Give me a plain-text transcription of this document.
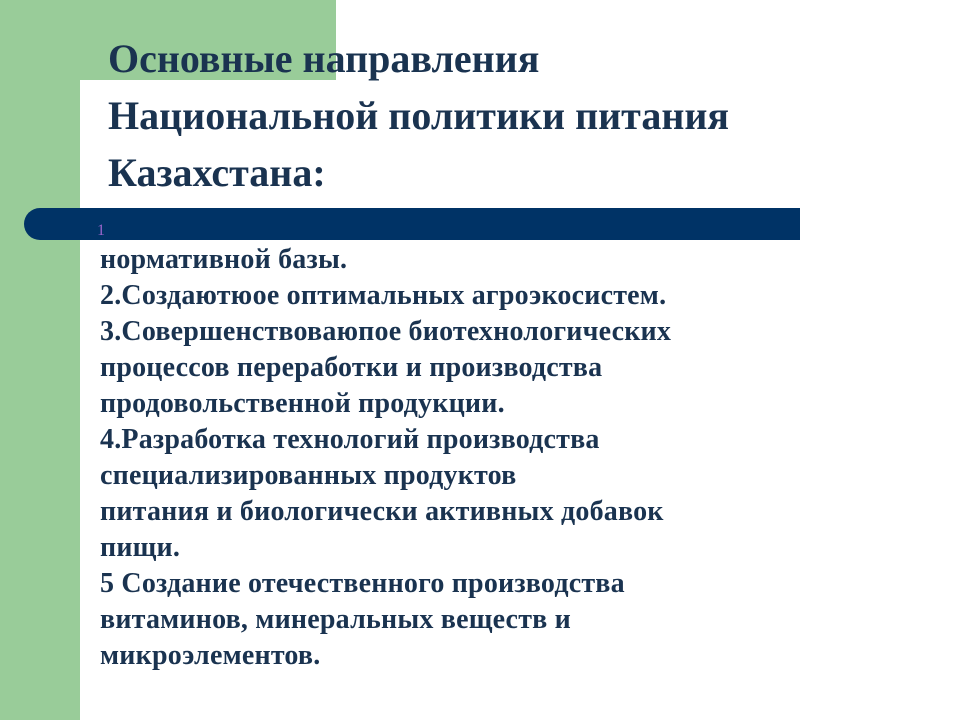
Основные направления
Национальной политики питания
Казахстана:
1
нормативной базы.
2.Создаютюое оптимальных агроэкосистем.
3.Совершенствоваюпое биотехнологических
процессов переработки и производства
продовольственной продукции.
4.Разработка технологий производства
специализированных продуктов
питания и биологически активных добавок
пищи.
5 Создание отечественного производства
витаминов, минеральных веществ и
микроэлементов.
